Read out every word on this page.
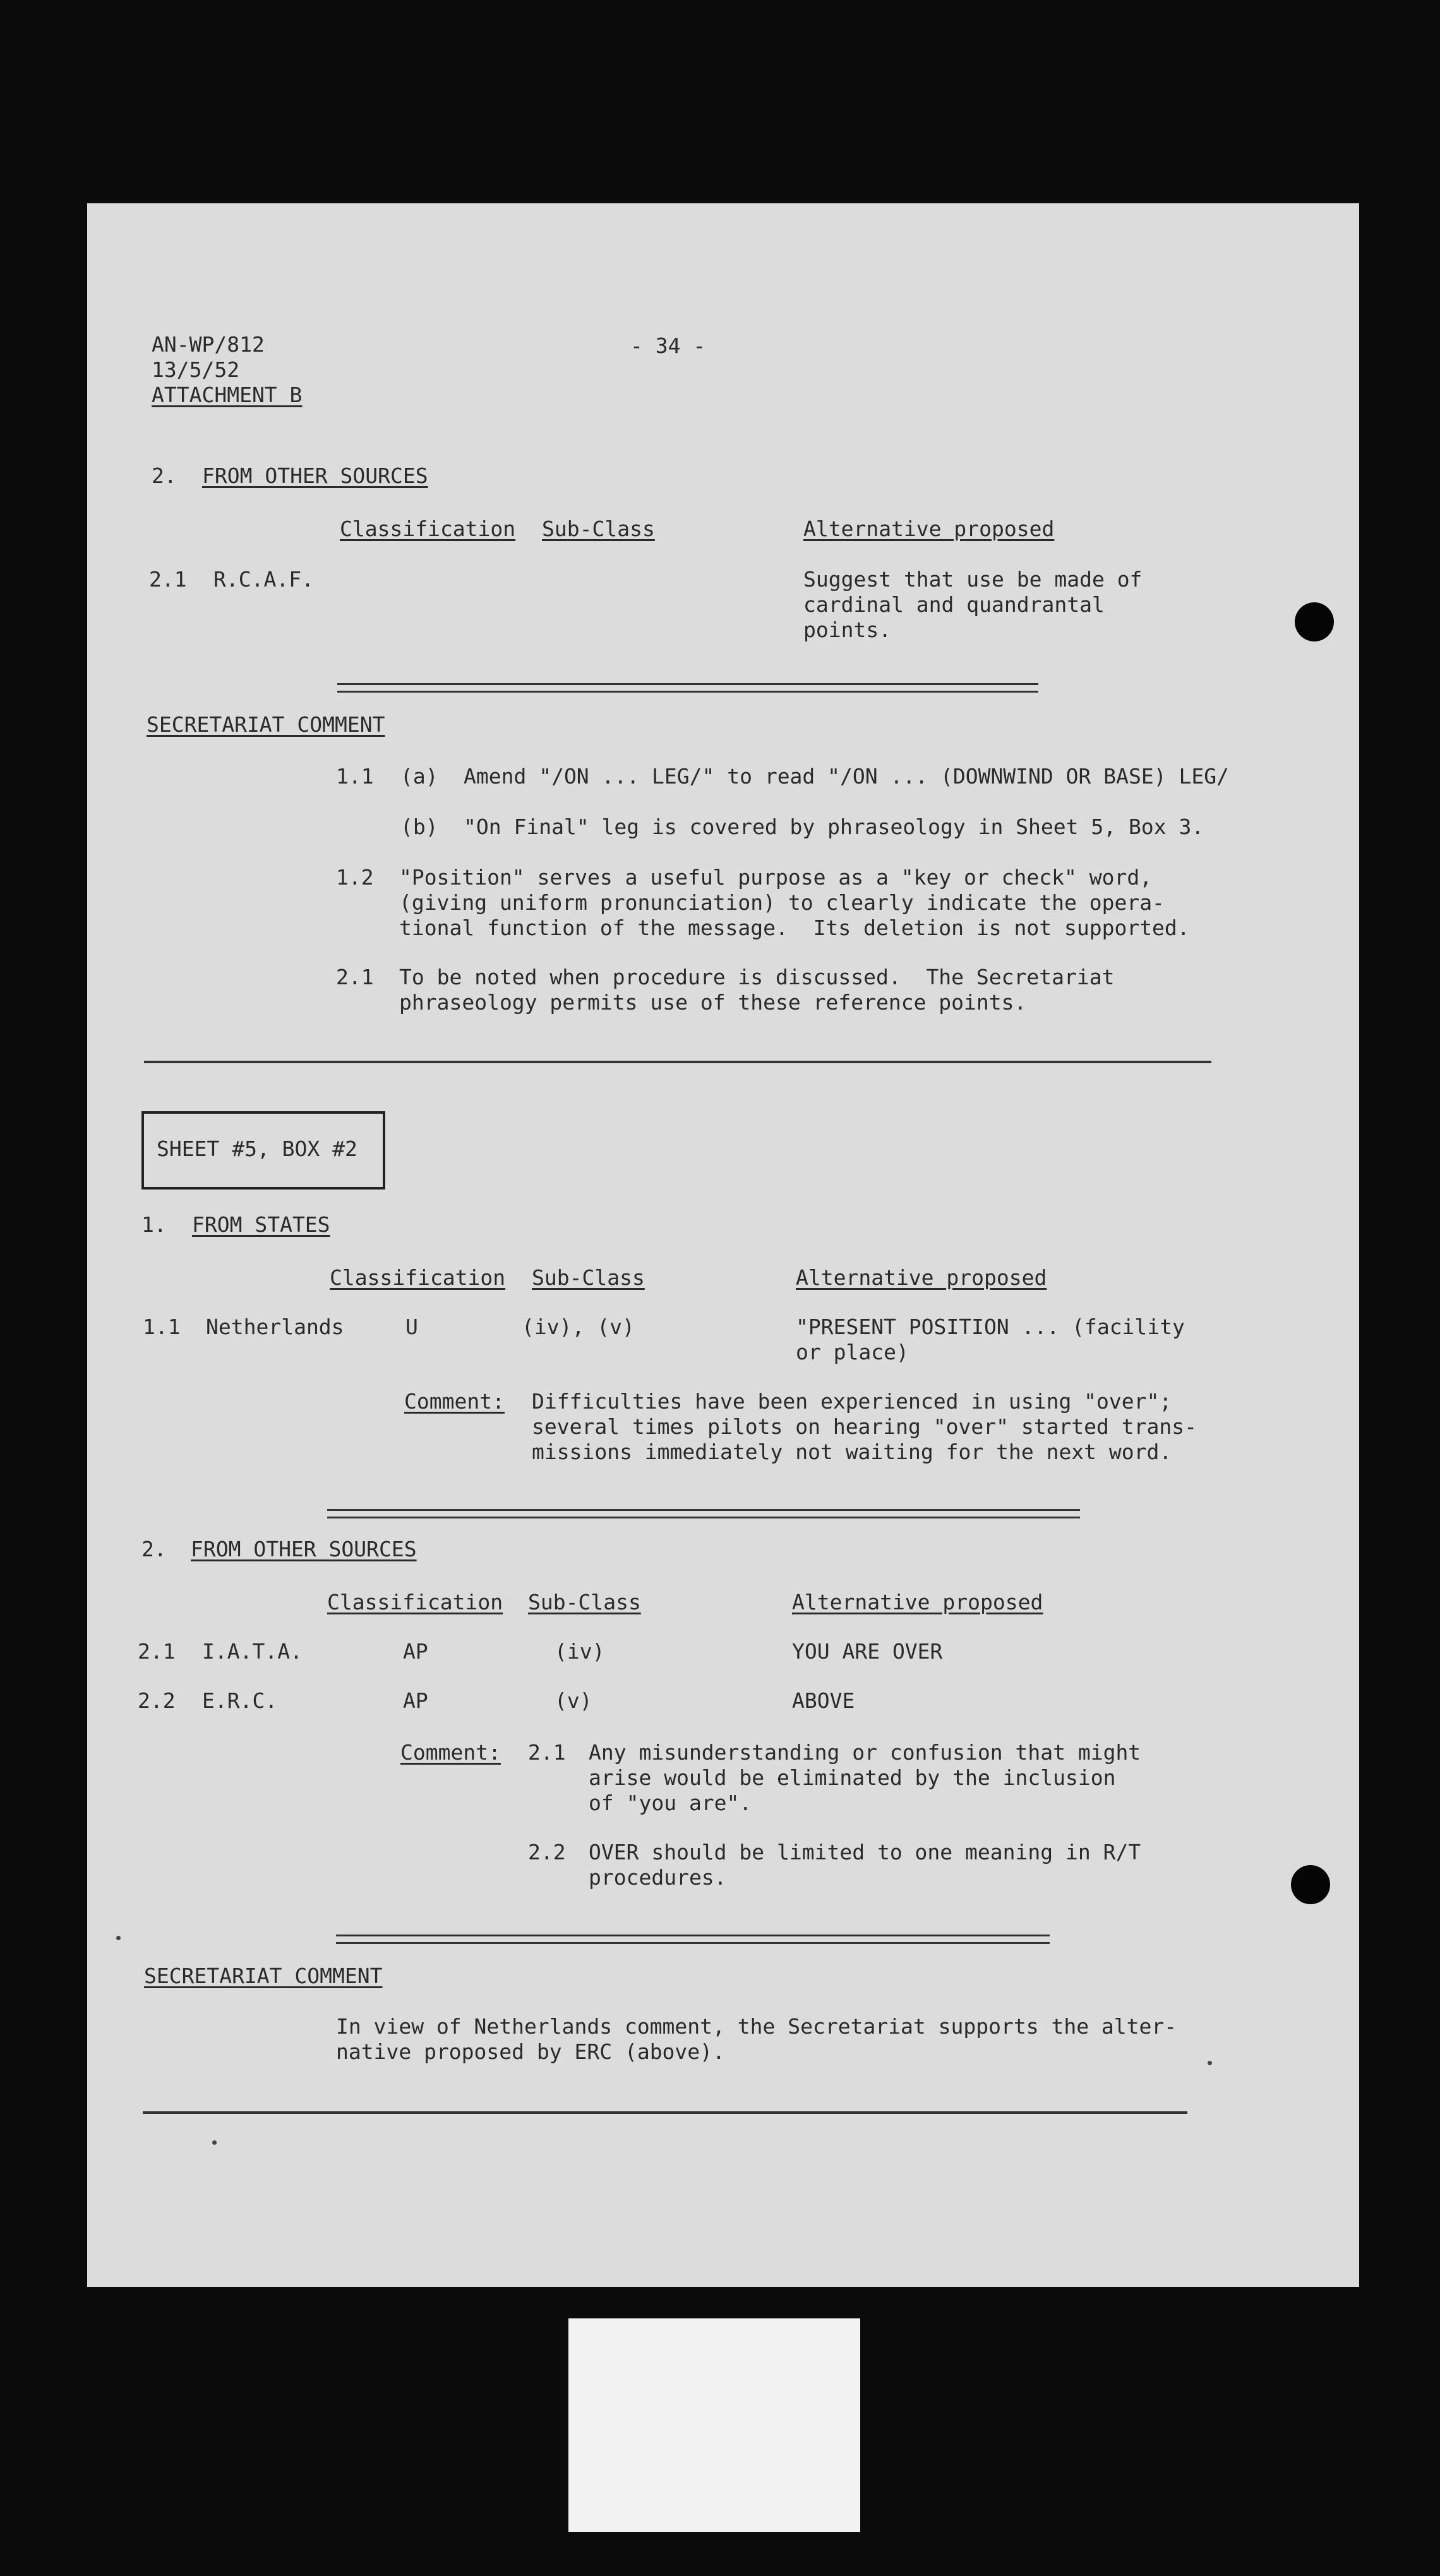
AN-WP/812
13/5/52
ATTACHMENT B
- 34 -
2. FROM OTHER SOURCES
Classification Sub-Class	Alternative proposed
2.1 R.C.A.F.	Suggest that use be made of
cardinal and quandrantal
points.
SECRETARIAT COMMENT
1.1 (a) Amend "/ON ... LEG/" to read "/ON ... (DOWNWIND OR BASE) LEG/
(b) "On Final" leg is covered by phraseology in Sheet 5, Box 3.
1.2 "Position" serves a useful purpose as a "key or check" word,
(giving uniform pronunciation) to clearly indicate the opera-
tional function of the message.  Its deletion is not supported.
2.1 To be noted when procedure is discussed.  The Secretariat
phraseology permits use of these reference points.
SHEET #5, BOX #2
1. FROM STATES
Classification Sub-Class	Alternative proposed
1.1 Netherlands	U	(iv), (v)	"PRESENT POSITION ... (facility
or place)
Comment: Difficulties have been experienced in using "over";
several times pilots on hearing "over" started trans-
missions immediately not waiting for the next word.
2. FROM OTHER SOURCES
Classification Sub-Class	Alternative proposed
2.1 I.A.T.A.	AP	(iv)	YOU ARE OVER
2.2 E.R.C.	AP	(v)	ABOVE
Comment: 2.1 Any misunderstanding or confusion that might
arise would be eliminated by the inclusion
of "you are".
2.2 OVER should be limited to one meaning in R/T
procedures.
SECRETARIAT COMMENT
In view of Netherlands comment, the Secretariat supports the alter-
native proposed by ERC (above).
